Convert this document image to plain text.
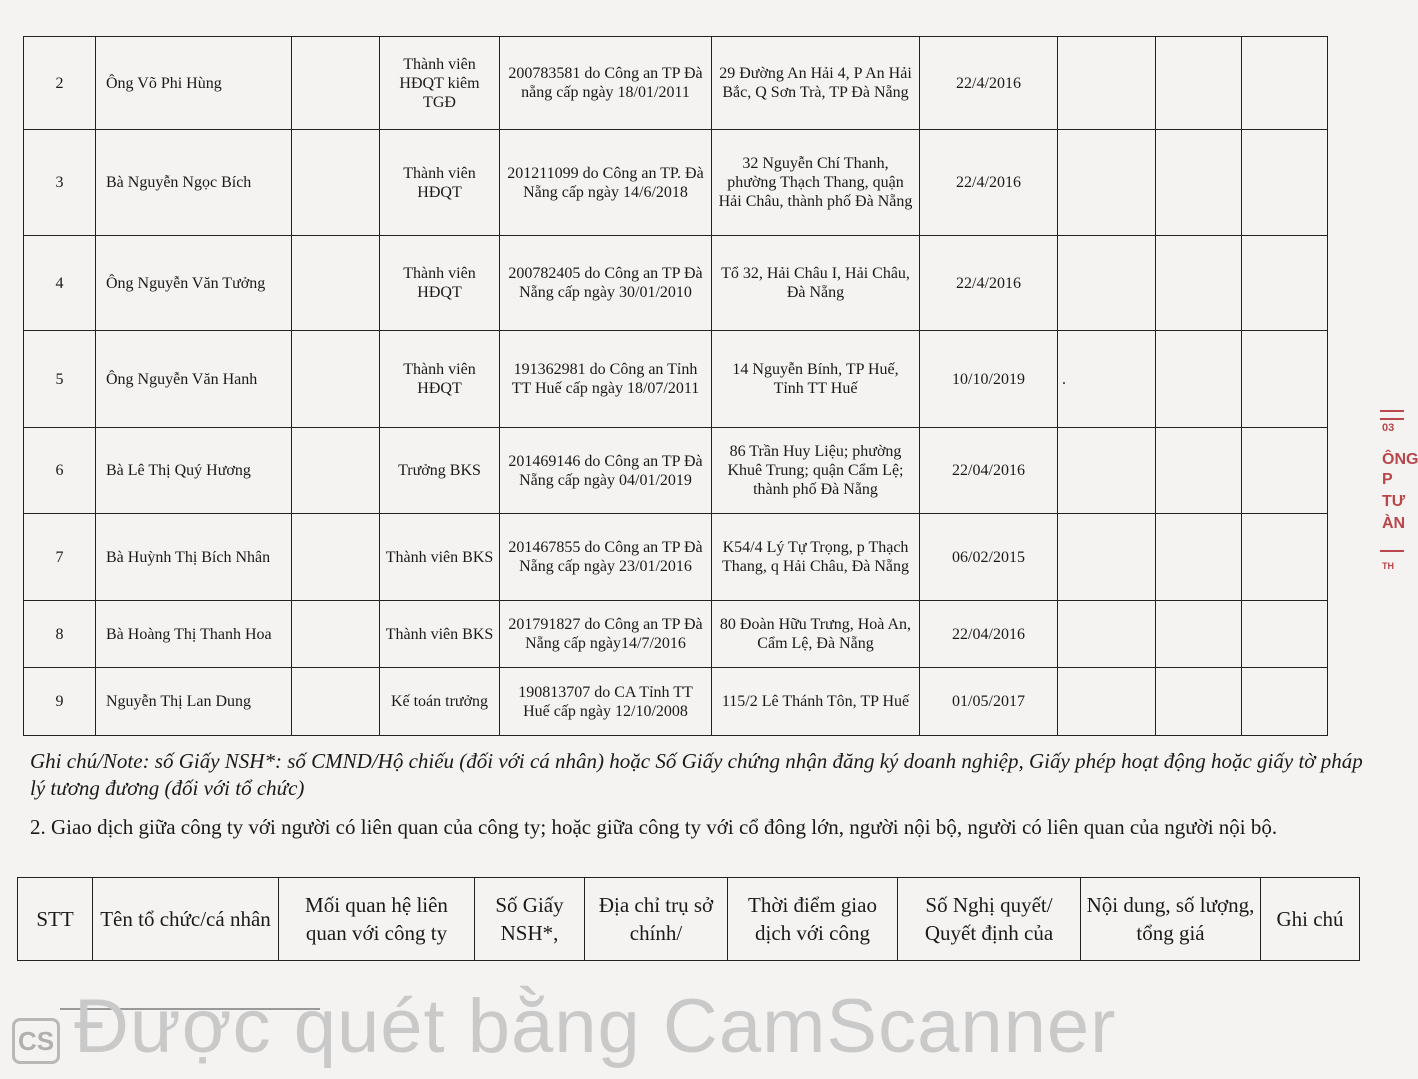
2	Ông Võ Phi Hùng		Thành viên HĐQT kiêm TGĐ	200783581 do Công an TP Đà nẵng cấp ngày 18/01/2011	29 Đường An Hải 4, P An Hải Bắc, Q Sơn Trà, TP Đà Nẵng	22/4/2016			
3	Bà Nguyễn Ngọc Bích		Thành viên HĐQT	201211099 do Công an TP. Đà Nẵng cấp ngày 14/6/2018	32 Nguyễn Chí Thanh, phường Thạch Thang, quận Hải Châu, thành phố Đà Nẵng	22/4/2016			
4	Ông Nguyễn Văn Tưởng		Thành viên HĐQT	200782405 do Công an TP Đà Nẵng cấp ngày 30/01/2010	Tổ 32, Hải Châu I, Hải Châu, Đà Nẵng	22/4/2016			
5	Ông Nguyễn Văn Hanh		Thành viên HĐQT	191362981 do Công an Tỉnh TT Huế cấp ngày 18/07/2011	14 Nguyễn Bính, TP Huế, Tỉnh TT Huế	10/10/2019	.		
6	Bà Lê Thị Quý Hương		Trưởng BKS	201469146 do Công an TP Đà Nẵng cấp ngày 04/01/2019	86 Trần Huy Liệu; phường Khuê Trung; quận Cẩm Lệ; thành phố Đà Nẵng	22/04/2016			
7	Bà Huỳnh Thị Bích Nhân		Thành viên BKS	201467855 do Công an TP Đà Nẵng cấp ngày 23/01/2016	K54/4 Lý Tự Trọng, p Thạch Thang, q Hải Châu, Đà Nẵng	06/02/2015			
8	Bà Hoàng Thị Thanh Hoa		Thành viên BKS	201791827 do Công an TP Đà Nẵng cấp ngày14/7/2016	80 Đoàn Hữu Trưng, Hoà An, Cẩm Lệ, Đà Nẵng	22/04/2016			
9	Nguyễn Thị Lan Dung		Kế toán trưởng	190813707 do CA Tỉnh TT Huế cấp ngày 12/10/2008	115/2 Lê Thánh Tôn, TP Huế	01/05/2017			
Ghi chú/Note: số Giấy NSH*: số CMND/Hộ chiếu (đối với cá nhân) hoặc Số Giấy chứng nhận đăng ký doanh nghiệp, Giấy phép hoạt động hoặc giấy tờ pháp lý tương đương (đối với tổ chức)
2. Giao dịch giữa công ty với người có liên quan của công ty; hoặc giữa công ty với cổ đông lớn, người nội bộ, người có liên quan của người nội bộ.
STT	Tên tổ chức/cá nhân	Mối quan hệ liên quan với công ty	Số Giấy NSH*,	Địa chỉ trụ sở chính/	Thời điểm giao dịch với công	Số Nghị quyết/ Quyết định của	Nội dung, số lượng, tổng giá	Ghi chú
03
ÔNG
P
TƯ
ÀN
TH
CS Được quét bằng CamScanner
